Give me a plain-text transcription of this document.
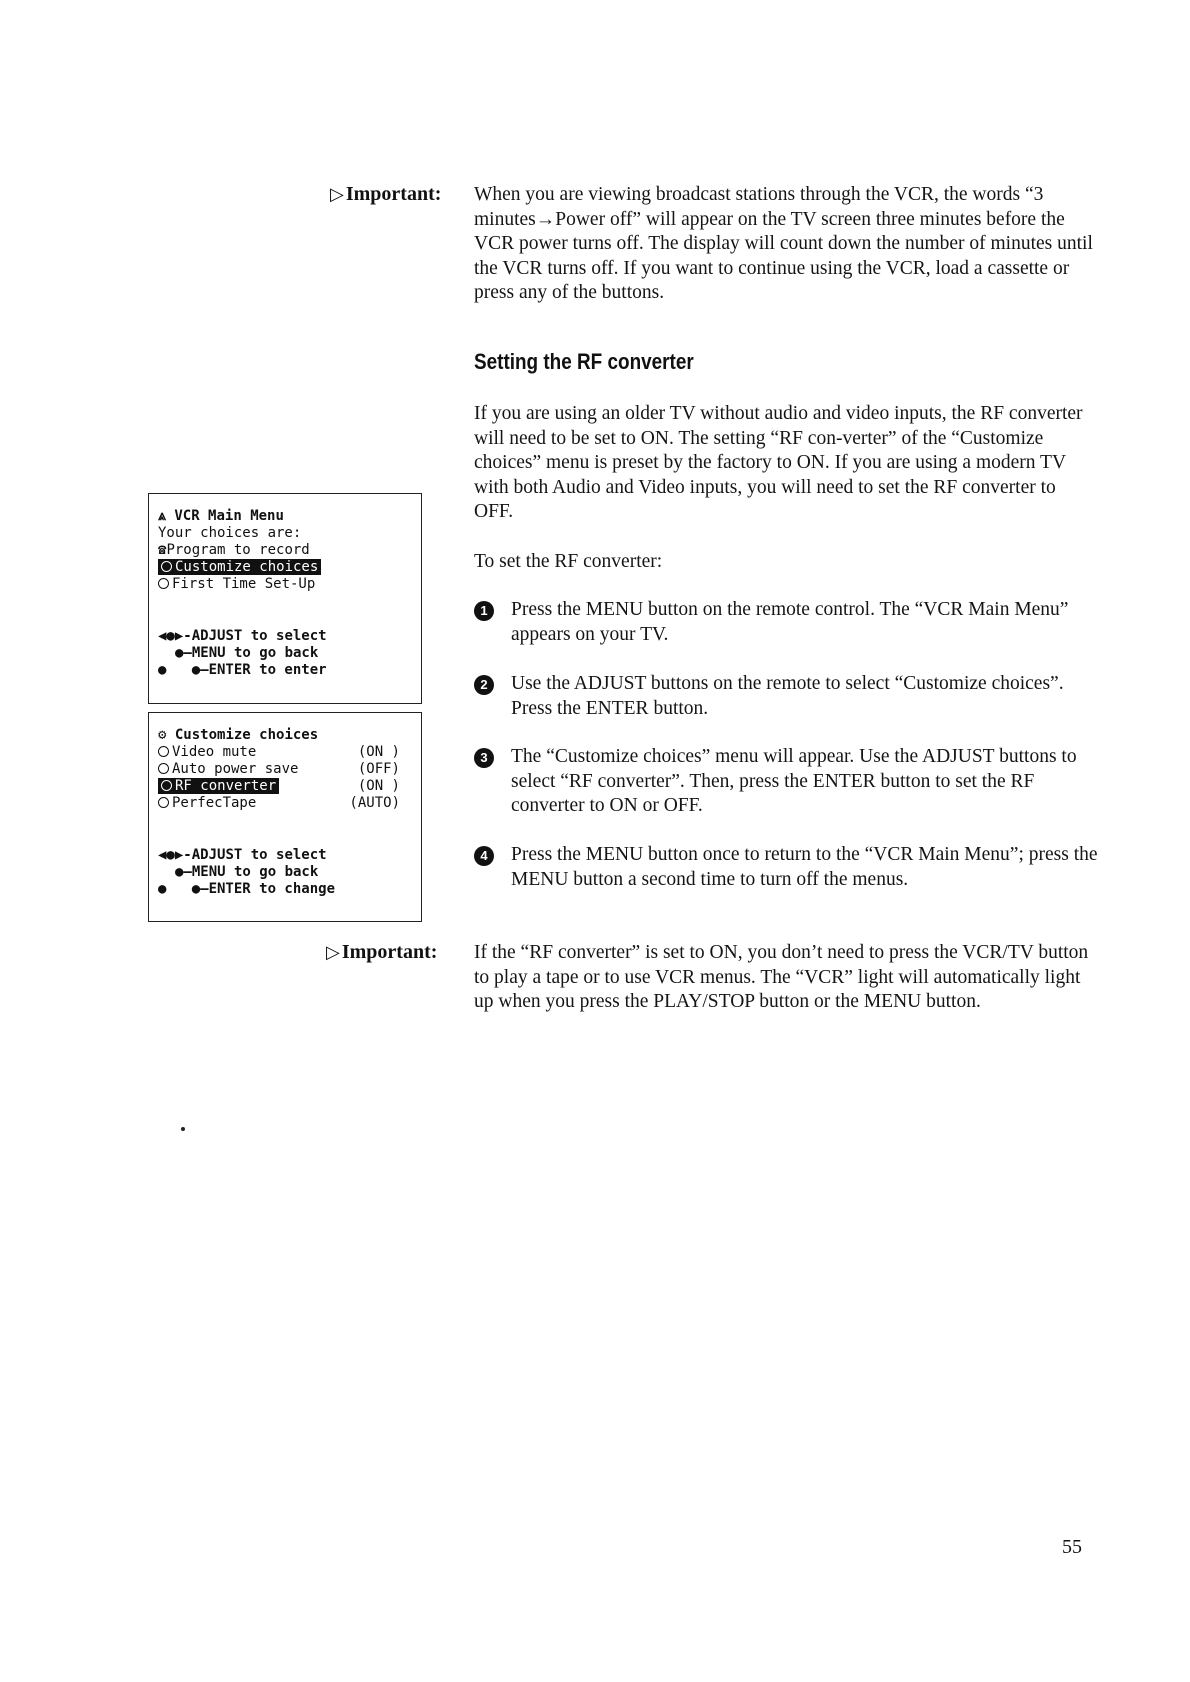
▷ Important: When you are viewing broadcast stations through the VCR, the words “3 minutes→Power off” will appear on the TV screen three minutes before the VCR power turns off. The display will count down the number of minutes until the VCR turns off. If you want to continue using the VCR, load a cassette or press any of the buttons.
Setting the RF converter
If you are using an older TV without audio and video inputs, the RF converter will need to be set to ON. The setting “RF con-verter” of the “Customize choices” menu is preset by the factory to ON. If you are using a modern TV with both Audio and Video inputs, you will need to set the RF converter to OFF.
To set the RF converter:
1	Press the MENU button on the remote control. The “VCR Main Menu” appears on your TV.
2	Use the ADJUST buttons on the remote to select “Customize choices”. Press the ENTER button.
3	The “Customize choices” menu will appear. Use the ADJUST buttons to select “RF converter”. Then, press the ENTER button to set the RF converter to ON or OFF.
4	Press the MENU button once to return to the “VCR Main Menu”; press the MENU button a second time to turn off the menus.
▷ Important: If the “RF converter” is set to ON, you don’t need to press the VCR/TV button to play a tape or to use VCR menus. The “VCR” light will automatically light up when you press the PLAY/STOP button or the MENU button.
⩓ VCR Main Menu
Your choices are:
☎Program to record
Customize choices
First Time Set-Up
◀●▶-ADJUST to select
●—MENU to go back
●   ●—ENTER to enter
⚙ Customize choices
Video mute	(ON )
Auto power save	(OFF)
RF converter	(ON )
PerfecTape	(AUTO)
◀●▶-ADJUST to select
●—MENU to go back
●   ●—ENTER to change
55
